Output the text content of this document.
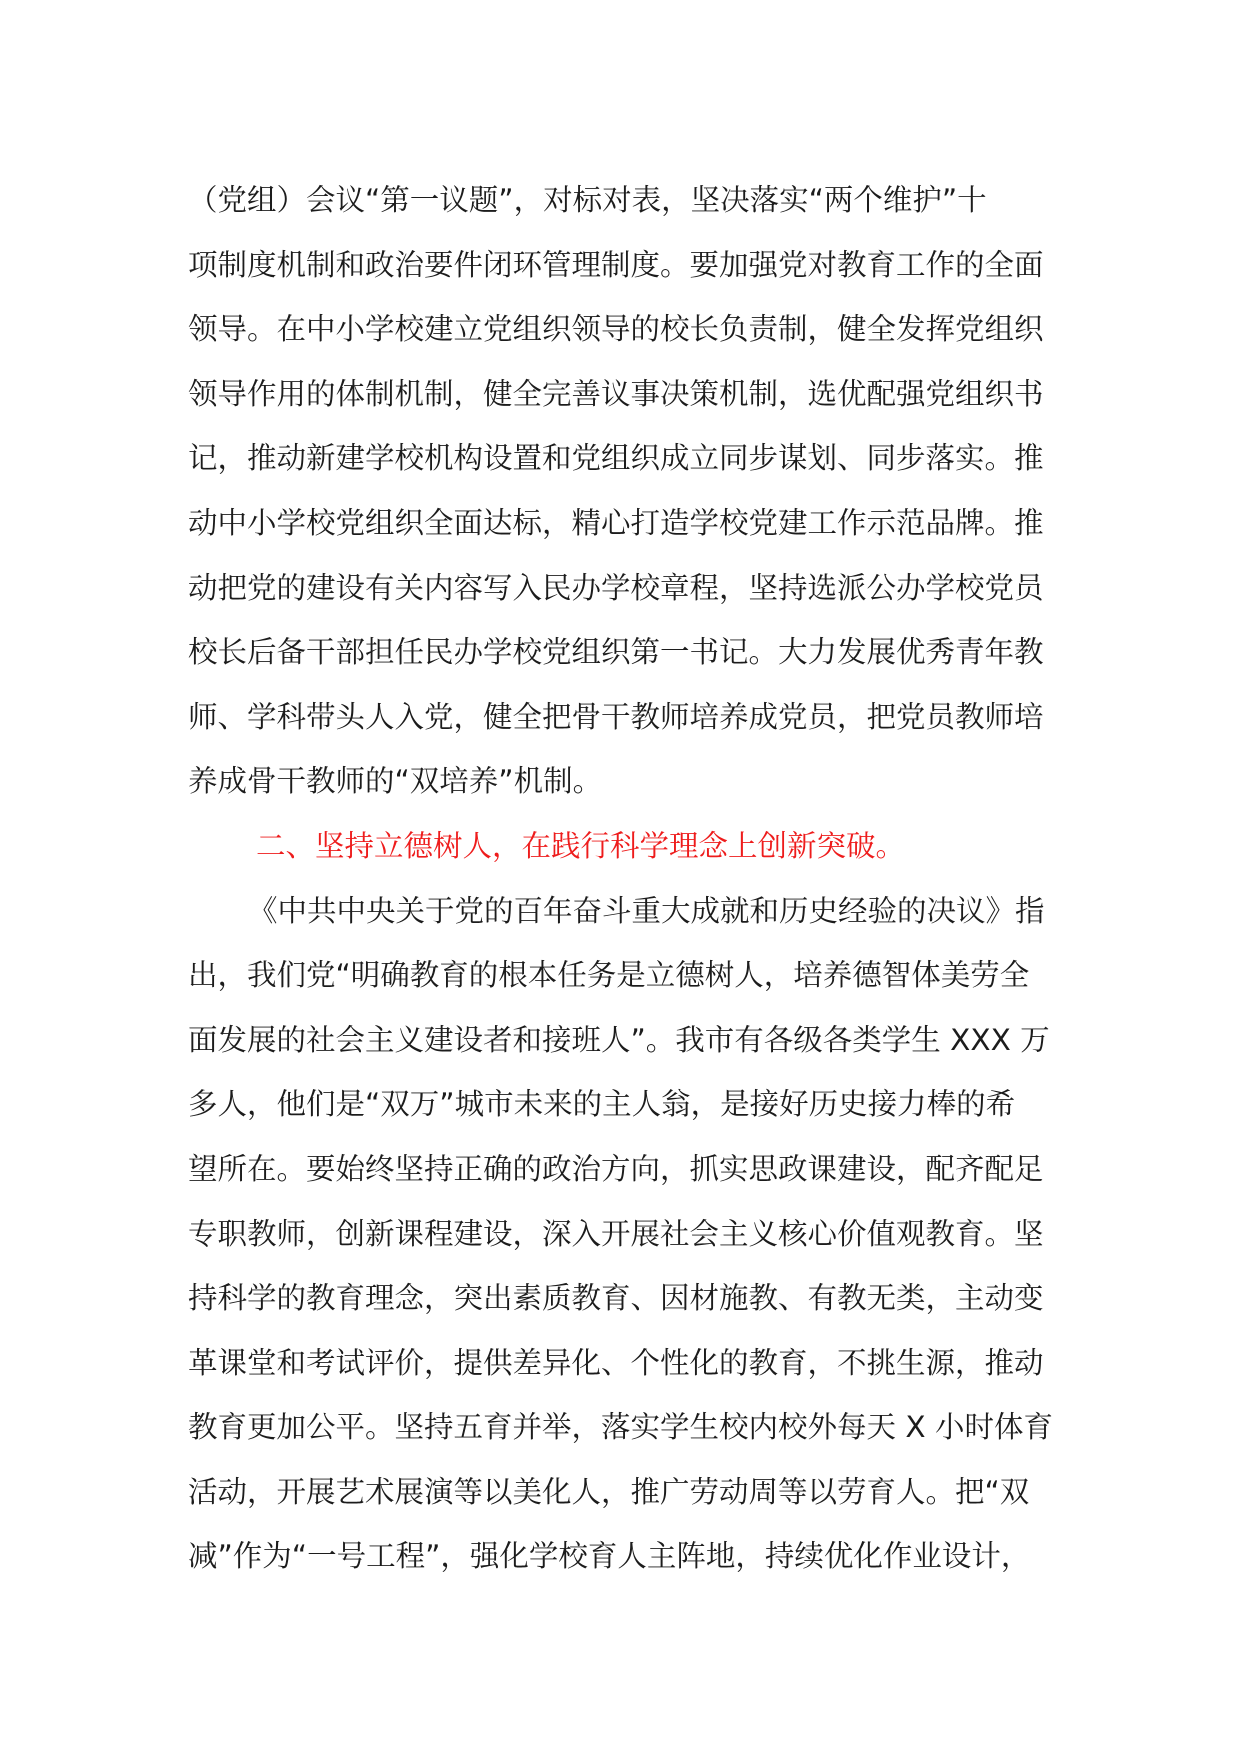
（党组）会议“第一议题”，对标对表，坚决落实“两个维护”十
项制度机制和政治要件闭环管理制度。要加强党对教育工作的全面
领导。在中小学校建立党组织领导的校长负责制，健全发挥党组织
领导作用的体制机制，健全完善议事决策机制，选优配强党组织书
记，推动新建学校机构设置和党组织成立同步谋划、同步落实。推
动中小学校党组织全面达标，精心打造学校党建工作示范品牌。推
动把党的建设有关内容写入民办学校章程，坚持选派公办学校党员
校长后备干部担任民办学校党组织第一书记。大力发展优秀青年教
师、学科带头人入党，健全把骨干教师培养成党员，把党员教师培
养成骨干教师的“双培养”机制。
二、坚持立德树人，在践行科学理念上创新突破。
《中共中央关于党的百年奋斗重大成就和历史经验的决议》指
出，我们党“明确教育的根本任务是立德树人，培养德智体美劳全
面发展的社会主义建设者和接班人”。我市有各级各类学生 XXX 万
多人，他们是“双万”城市未来的主人翁，是接好历史接力棒的希
望所在。要始终坚持正确的政治方向，抓实思政课建设，配齐配足
专职教师，创新课程建设，深入开展社会主义核心价值观教育。坚
持科学的教育理念，突出素质教育、因材施教、有教无类，主动变
革课堂和考试评价，提供差异化、个性化的教育，不挑生源，推动
教育更加公平。坚持五育并举，落实学生校内校外每天 X 小时体育
活动，开展艺术展演等以美化人，推广劳动周等以劳育人。把“双
减”作为“一号工程”，强化学校育人主阵地，持续优化作业设计，
